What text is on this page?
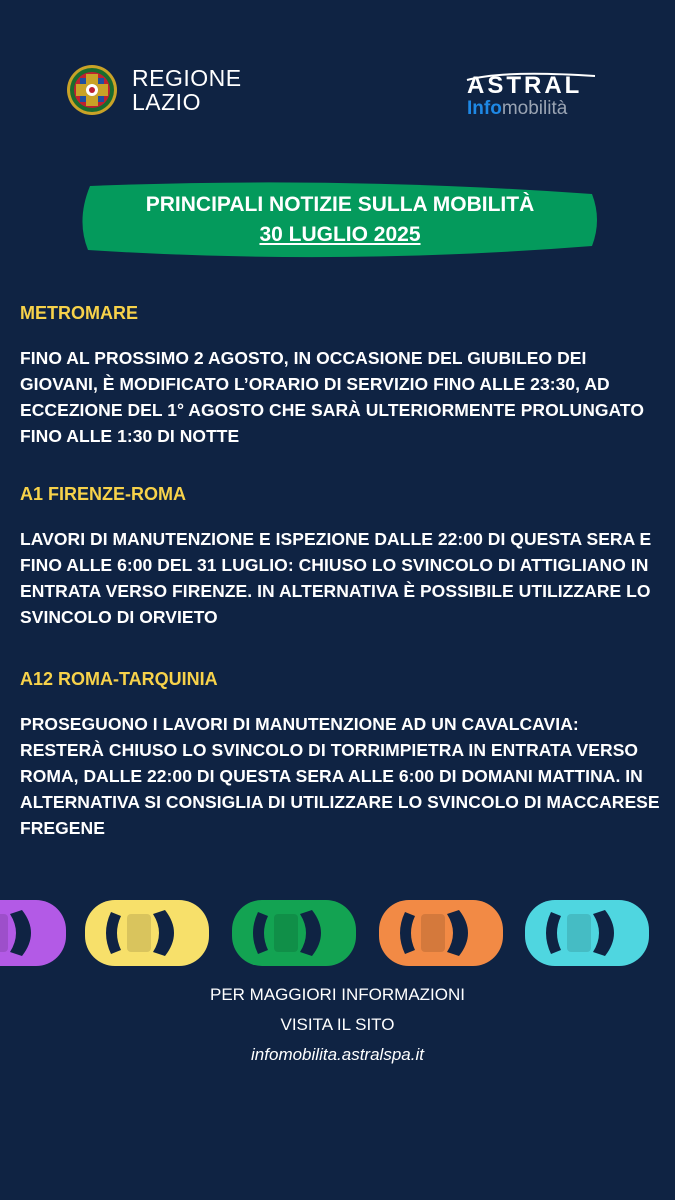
REGIONE
LAZIO
ASTRAL
Infomobilità
PRINCIPALI NOTIZIE SULLA MOBILITÀ
30 LUGLIO 2025
METROMARE
FINO AL PROSSIMO 2 AGOSTO, IN OCCASIONE DEL GIUBILEO DEI GIOVANI, È MODIFICATO L’ORARIO DI SERVIZIO FINO ALLE 23:30, AD ECCEZIONE DEL 1° AGOSTO CHE SARÀ ULTERIORMENTE PROLUNGATO FINO ALLE 1:30 DI NOTTE
A1 FIRENZE-ROMA
LAVORI DI MANUTENZIONE E ISPEZIONE DALLE 22:00 DI QUESTA SERA E FINO ALLE 6:00 DEL 31 LUGLIO: CHIUSO LO SVINCOLO DI ATTIGLIANO IN ENTRATA VERSO FIRENZE. IN ALTERNATIVA È POSSIBILE UTILIZZARE LO SVINCOLO DI ORVIETO
A12 ROMA-TARQUINIA
PROSEGUONO I LAVORI DI MANUTENZIONE AD UN CAVALCAVIA: RESTERÀ CHIUSO LO SVINCOLO DI TORRIMPIETRA IN ENTRATA VERSO ROMA, DALLE 22:00 DI QUESTA SERA ALLE 6:00 DI DOMANI MATTINA. IN ALTERNATIVA SI CONSIGLIA DI UTILIZZARE LO SVINCOLO DI MACCARESE FREGENE
PER MAGGIORI INFORMAZIONI
VISITA IL SITO
infomobilita.astralspa.it
